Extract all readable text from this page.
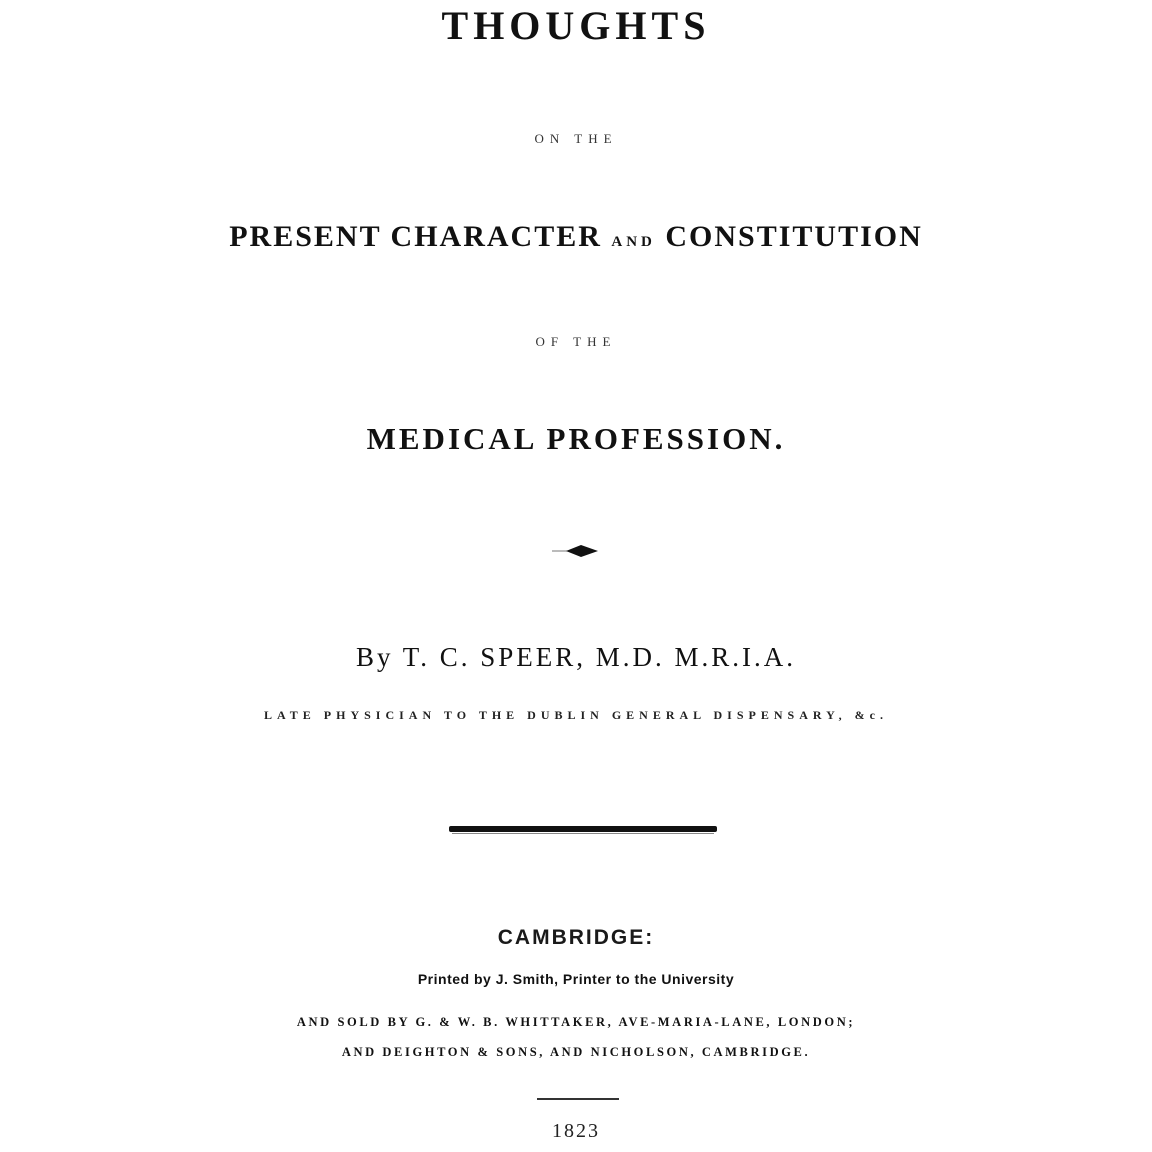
THOUGHTS
ON THE
PRESENT CHARACTER AND CONSTITUTION
OF THE
MEDICAL PROFESSION.
By T. C. SPEER, M.D. M.R.I.A.
LATE PHYSICIAN TO THE DUBLIN GENERAL DISPENSARY, &c.
CAMBRIDGE:
Printed by J. Smith, Printer to the University
AND SOLD BY G. & W. B. WHITTAKER, AVE-MARIA-LANE, LONDON;
AND DEIGHTON & SONS, AND NICHOLSON, CAMBRIDGE.
1823
